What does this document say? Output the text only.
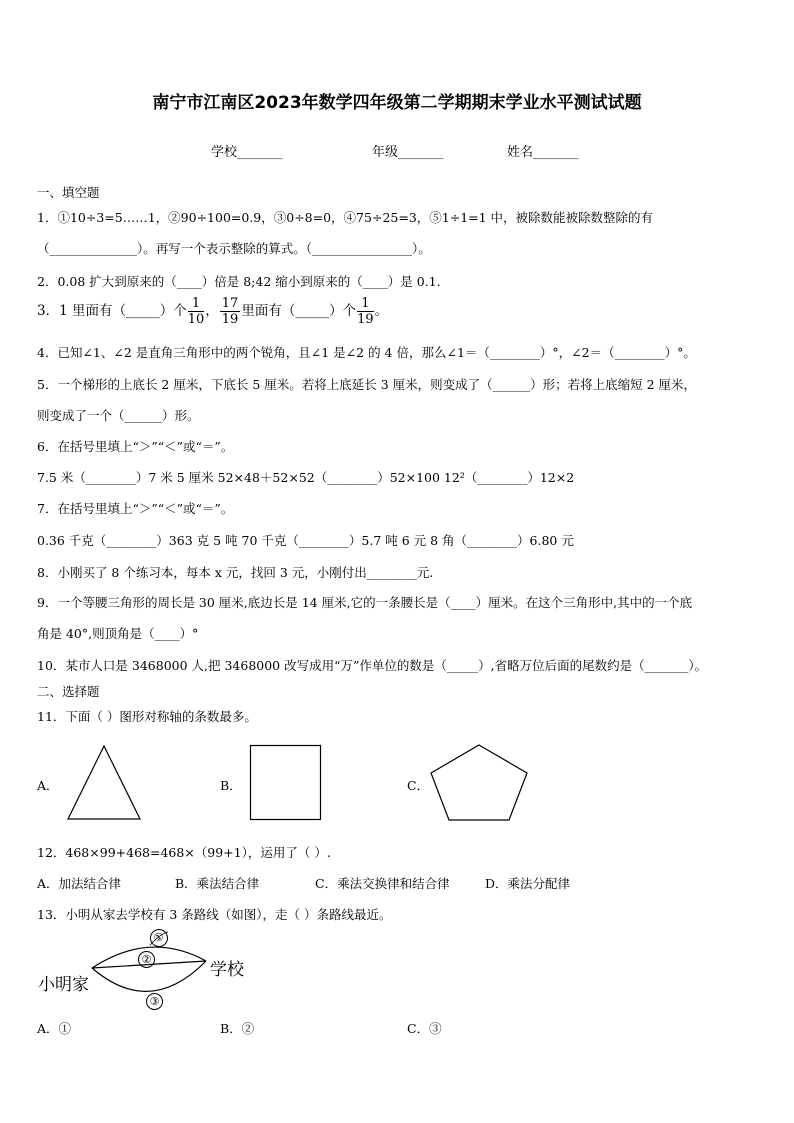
南宁市江南区2023年数学四年级第二学期期末学业水平测试试题
学校_______	年级_______	姓名_______
一、填空题
1．①10÷3=5……1，②90÷100=0.9，③0÷8=0，④75÷25=3，⑤1÷1=1 中，被除数能被除数整除的有
（______________）。再写一个表示整除的算式。（________________）。
2．0.08 扩大到原来的（____）倍是 8;42 缩小到原来的（____）是 0.1.
3．1 里面有（_____）个 $\frac{1}{10}$ ， $\frac{17}{19}$ 里面有（_____）个 $\frac{1}{19}$ 。
4．已知∠1、∠2 是直角三角形中的两个锐角，且∠1 是∠2 的 4 倍，那么∠1＝（________）°，∠2＝（________）°。
5．一个梯形的上底长 2 厘米，下底长 5 厘米。若将上底延长 3 厘米，则变成了（______）形；若将上底缩短 2 厘米，
则变成了一个（______）形。
6．在括号里填上“＞”“＜”或“＝”。
7.5 米（________）7 米 5 厘米 52×48＋52×52（________）52×100 12²（________）12×2
7．在括号里填上“＞”“＜”或“＝”。
0.36 千克（________）363 克 5 吨 70 千克（________）5.7 吨 6 元 8 角（________）6.80 元
8．小刚买了 8 个练习本，每本 x 元，找回 3 元，小刚付出________元.
9．一个等腰三角形的周长是 30 厘米,底边长是 14 厘米,它的一条腰长是（____）厘米。在这个三角形中,其中的一个底
角是 40°,则顶角是（____）°
10．某市人口是 3468000 人,把 3468000 改写成用“万”作单位的数是（_____）,省略万位后面的尾数约是（_______）。
二、选择题
11．下面（ ）图形对称轴的条数最多。
A．	B．	C．
12．468×99+468=468×（99+1），运用了（ ）.
A．加法结合律	B．乘法结合律	C．乘法交换律和结合律	D．乘法分配律
13．小明从家去学校有 3 条路线（如图），走（ ）条路线最近。
①
②
③
小明家
学校
A．①	B．②	C．③
